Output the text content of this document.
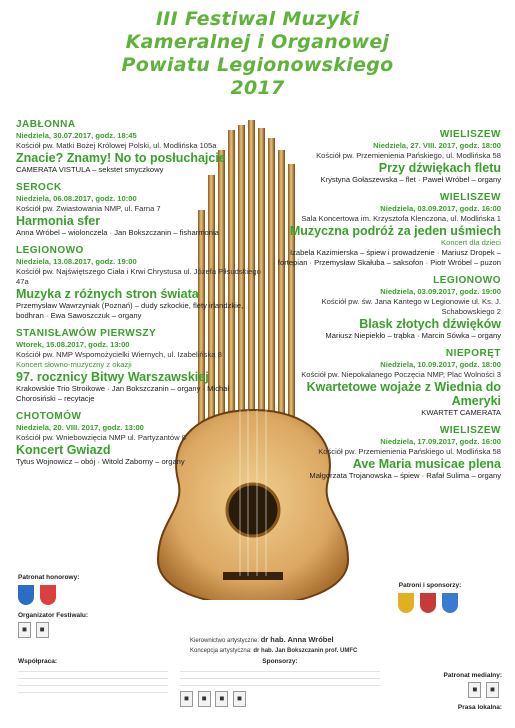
III Festiwal Muzyki
Kameralnej i Organowej
Powiatu Legionowskiego
2017
JABŁONNA
Niedziela, 30.07.2017, godz. 18:45
Kościół pw. Matki Bożej Królowej Polski, ul. Modlińska 105a
Znacie? Znamy! No to posłuchajcie
CAMERATA VISTULA – sekstet smyczkowy
SEROCK
Niedziela, 06.08.2017, godz. 10:00
Kościół pw. Zwiastowania NMP, ul. Farna 7
Harmonia sfer
Anna Wróbel – wiolonczela · Jan Bokszczanin – fisharmonia
LEGIONOWO
Niedziela, 13.08.2017, godz. 19:00
Kościół pw. Najświętszego Ciała i Krwi Chrystusa ul. Józefa Piłsudskiego 47a
Muzyka z różnych stron świata
Przemysław Wawrzyniak (Poznań) – dudy szkockie, flety irlandzkie, bodhran · Ewa Sawoszczuk – organy
STANISŁAWÓW PIERWSZY
Wtorek, 15.08.2017, godz. 13:00
Kościół pw. NMP Wspomożycielki Wiernych, ul. Izabelińska 8
Koncert słowno-muzyczny z okazji
97. rocznicy Bitwy Warszawskiej
Krakowskie Trio Stroikowe · Jan Bokszczanin – organy · Michał Chorosiński – recytacje
CHOTOMÓW
Niedziela, 20. VIII. 2017, godz. 13:00
Kościół pw. Wniebowzięcia NMP ul. Partyzantów 8
Koncert Gwiazd
Tytus Wojnowicz – obój · Witold Zaborny – organy
WIELISZEW
Niedziela, 27. VIII. 2017, godz. 18:00
Kościół pw. Przemienienia Pańskiego, ul. Modlińska 58
Przy dźwiękach fletu
Krystyna Gołaszewska – flet · Paweł Wróbel – organy
WIELISZEW
Niedziela, 03.09.2017, godz. 16:00
Sala Koncertowa im. Krzysztofa Klenczona, ul. Modlińska 1
Muzyczna podróż za jeden uśmiech
Koncert dla dzieci
Izabela Kazimierska – śpiew i prowadzenie · Mariusz Dropek – fortepian · Przemysław Skałuba – saksofon · Piotr Wróbel – puzon
LEGIONOWO
Niedziela, 03.09.2017, godz. 19:00
Kościół pw. św. Jana Kantego w Legionowie ul. Ks. J. Schabowskiego 2
Blask złotych dźwięków
Mariusz Niepiekło – trąbka · Marcin Sówka – organy
NIEPORĘT
Niedziela, 10.09.2017, godz. 18:00
Kościół pw. Niepokalanego Poczęcia NMP, Plac Wolności 3
Kwartetowe wojaże z Wiednia do Ameryki
KWARTET CAMERATA
WIELISZEW
Niedziela, 17.09.2017, godz. 16:00
Kościół pw. Przemienienia Pańskiego ul. Modlińska 58
Ave Maria musicae plena
Małgorzata Trojanowska – śpiew · Rafał Sulima – organy
Patronat honorowy:

Organizator Festiwalu:
◼ ◼
Kierownictwo artystyczne: dr hab. Anna Wróbel
Koncepcja artystyczna: dr hab. Jan Bokszczanin prof. UMFC
Patroni i sponsorzy:

Współpraca:	Sponsorzy:
◼ ◼ ◼ ◼
Patronat medialny:
◼ ◼
Prasa lokalna:
